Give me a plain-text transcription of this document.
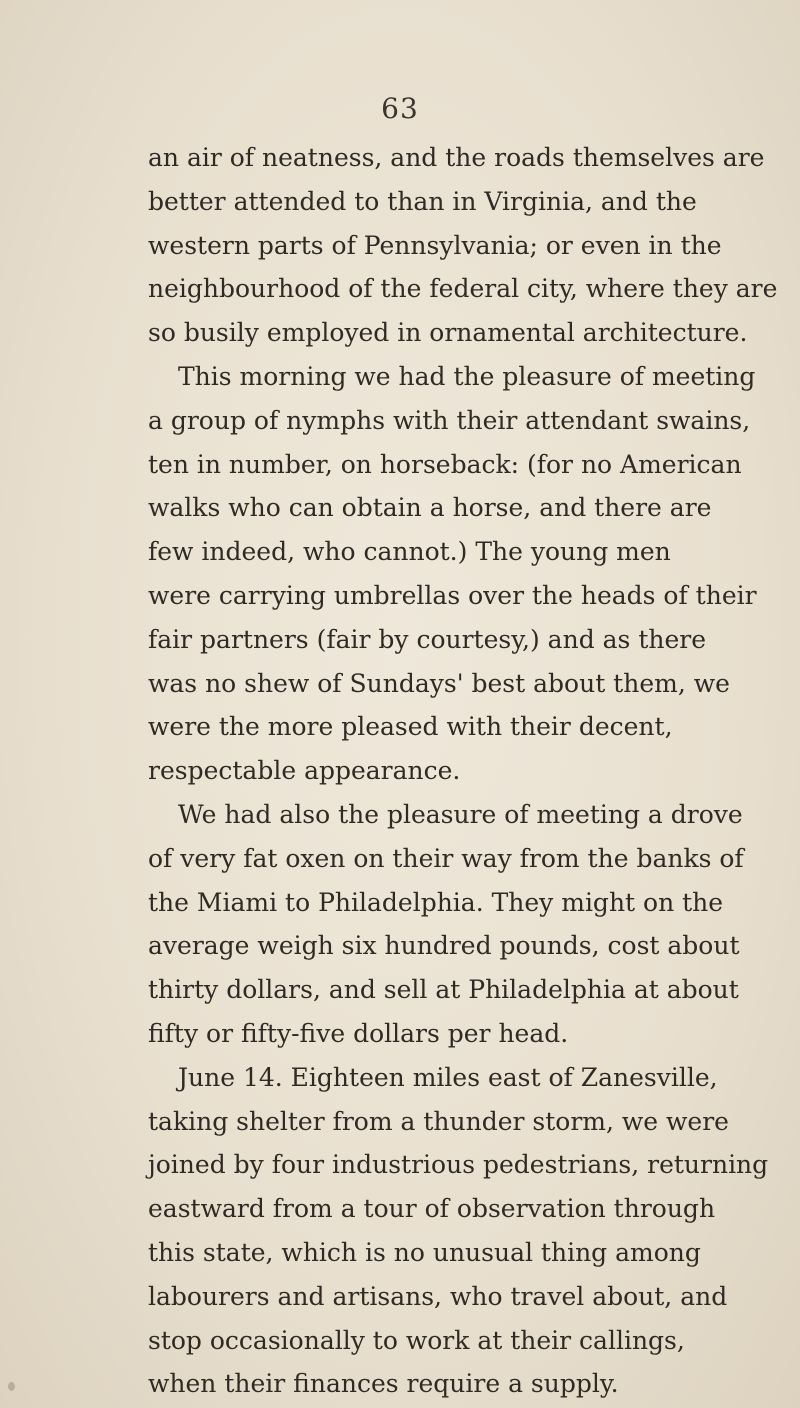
63
an air of neatness, and the roads themselves are
better attended to than in Virginia, and the
western parts of Pennsylvania; or even in the
neighbourhood of the federal city, where they are
so busily employed in ornamental architecture.
This morning we had the pleasure of meeting
a group of nymphs with their attendant swains,
ten in number, on horseback: (for no American
walks who can obtain a horse, and there are
few indeed, who cannot.) The young men
were carrying umbrellas over the heads of their
fair partners (fair by courtesy,) and as there
was no shew of Sundays' best about them, we
were the more pleased with their decent,
respectable appearance.
We had also the pleasure of meeting a drove
of very fat oxen on their way from the banks of
the Miami to Philadelphia. They might on the
average weigh six hundred pounds, cost about
thirty dollars, and sell at Philadelphia at about
fifty or fifty-five dollars per head.
June 14. Eighteen miles east of Zanesville,
taking shelter from a thunder storm, we were
joined by four industrious pedestrians, returning
eastward from a tour of observation through
this state, which is no unusual thing among
labourers and artisans, who travel about, and
stop occasionally to work at their callings,
when their finances require a supply.
